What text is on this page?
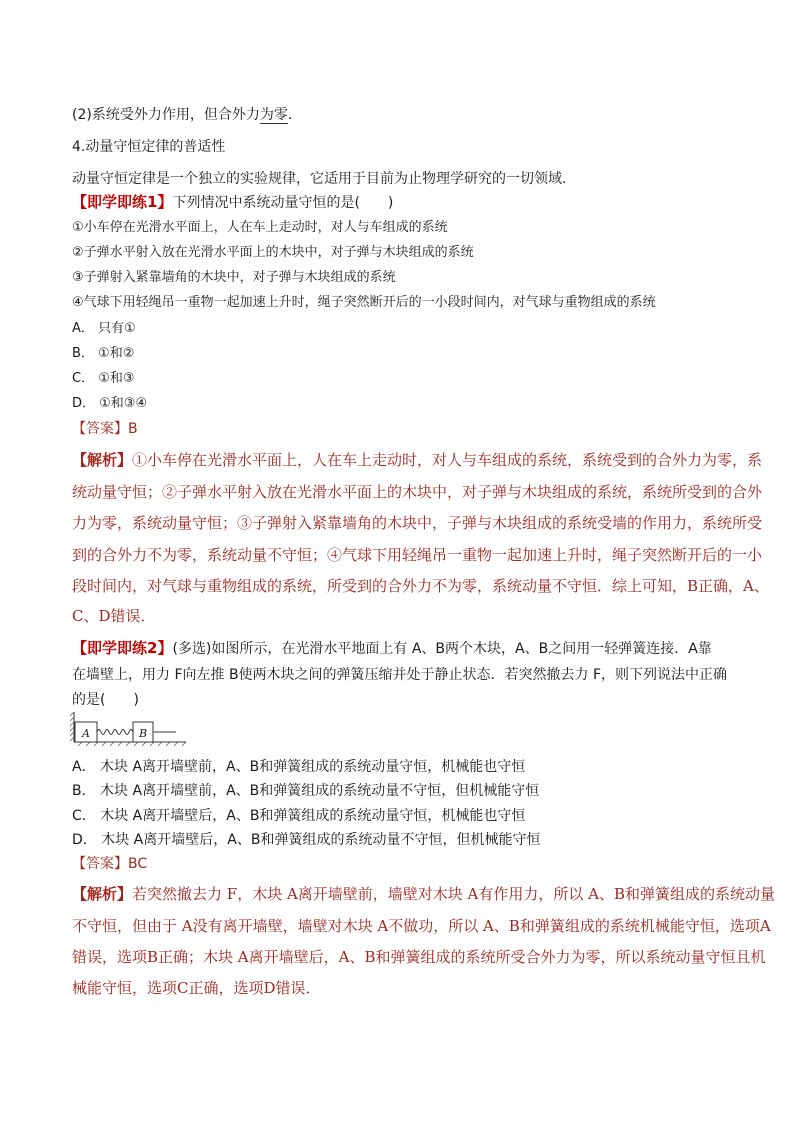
(2)系统受外力作用，但合外力为零.
4.动量守恒定律的普适性
动量守恒定律是一个独立的实验规律，它适用于目前为止物理学研究的一切领域.
【即学即练1】下列情况中系统动量守恒的是(　　)
①小车停在光滑水平面上，人在车上走动时，对人与车组成的系统
②子弹水平射入放在光滑水平面上的木块中，对子弹与木块组成的系统
③子弹射入紧靠墙角的木块中，对子弹与木块组成的系统
④气球下用轻绳吊一重物一起加速上升时，绳子突然断开后的一小段时间内，对气球与重物组成的系统
A． 只有①
B． ①和②
C． ①和③
D． ①和③④
【答案】B
【解析】①小车停在光滑水平面上，人在车上走动时，对人与车组成的系统，系统受到的合外力为零，系
统动量守恒；②子弹水平射入放在光滑水平面上的木块中，对子弹与木块组成的系统，系统所受到的合外
力为零，系统动量守恒；③子弹射入紧靠墙角的木块中，子弹与木块组成的系统受墙的作用力，系统所受
到的合外力不为零，系统动量不守恒；④气球下用轻绳吊一重物一起加速上升时，绳子突然断开后的一小
段时间内，对气球与重物组成的系统，所受到的合外力不为零，系统动量不守恒．综上可知，B正确，A、
C、D错误．
【即学即练2】(多选)如图所示，在光滑水平地面上有 A、B两个木块，A、B之间用一轻弹簧连接．A靠
在墙壁上，用力 F向左推 B使两木块之间的弹簧压缩并处于静止状态．若突然撤去力 F，则下列说法中正确
的是(　　)
A	B
A． 木块 A离开墙壁前，A、B和弹簧组成的系统动量守恒，机械能也守恒
B． 木块 A离开墙壁前，A、B和弹簧组成的系统动量不守恒，但机械能守恒
C． 木块 A离开墙壁后，A、B和弹簧组成的系统动量守恒，机械能也守恒
D． 木块 A离开墙壁后，A、B和弹簧组成的系统动量不守恒，但机械能守恒
【答案】BC
【解析】若突然撤去力 F，木块 A离开墙壁前，墙壁对木块 A有作用力，所以 A、B和弹簧组成的系统动量
不守恒，但由于 A没有离开墙壁，墙壁对木块 A不做功，所以 A、B和弹簧组成的系统机械能守恒，选项A
错误，选项B正确；木块 A离开墙壁后，A、B和弹簧组成的系统所受合外力为零，所以系统动量守恒且机
械能守恒，选项C正确，选项D错误．
